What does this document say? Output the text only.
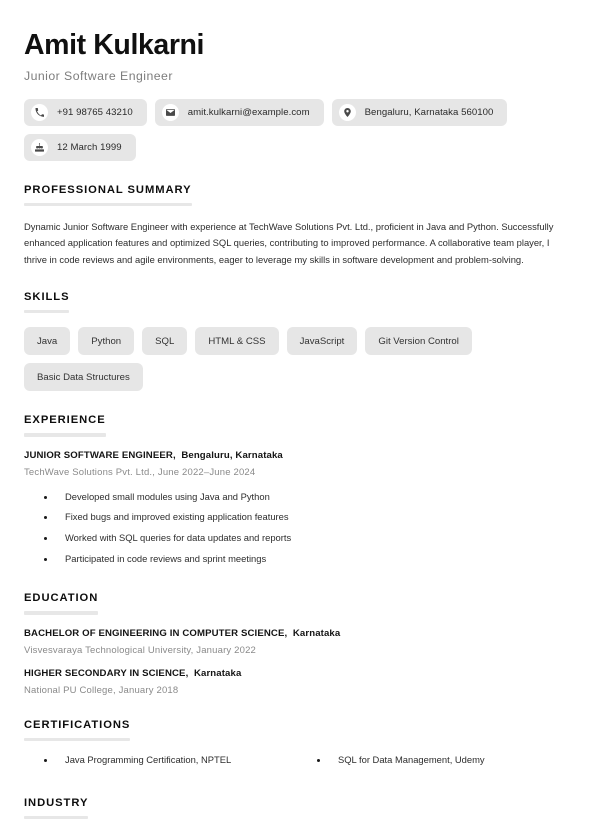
Amit Kulkarni
Junior Software Engineer
+91 98765 43210	amit.kulkarni@example.com	Bengaluru, Karnataka 560100
12 March 1999
PROFESSIONAL SUMMARY

Dynamic Junior Software Engineer with experience at TechWave Solutions Pvt. Ltd., proficient in Java and Python. Successfully enhanced application features and optimized SQL queries, contributing to improved performance. A collaborative team player, I thrive in code reviews and agile environments, eager to leverage my skills in software development and problem-solving.

SKILLS
Java	Python	SQL	HTML & CSS	JavaScript	Git Version Control
Basic Data Structures
EXPERIENCE
JUNIOR SOFTWARE ENGINEER, Bengaluru, Karnataka
TechWave Solutions Pvt. Ltd., June 2022–June 2024
Developed small modules using Java and Python
Fixed bugs and improved existing application features
Worked with SQL queries for data updates and reports
Participated in code reviews and sprint meetings
EDUCATION
BACHELOR OF ENGINEERING IN COMPUTER SCIENCE, Karnataka
Visvesvaraya Technological University, January 2022
HIGHER SECONDARY IN SCIENCE, Karnataka
National PU College, January 2018
CERTIFICATIONS
Java Programming Certification, NPTEL	SQL for Data Management, Udemy
INDUSTRY
